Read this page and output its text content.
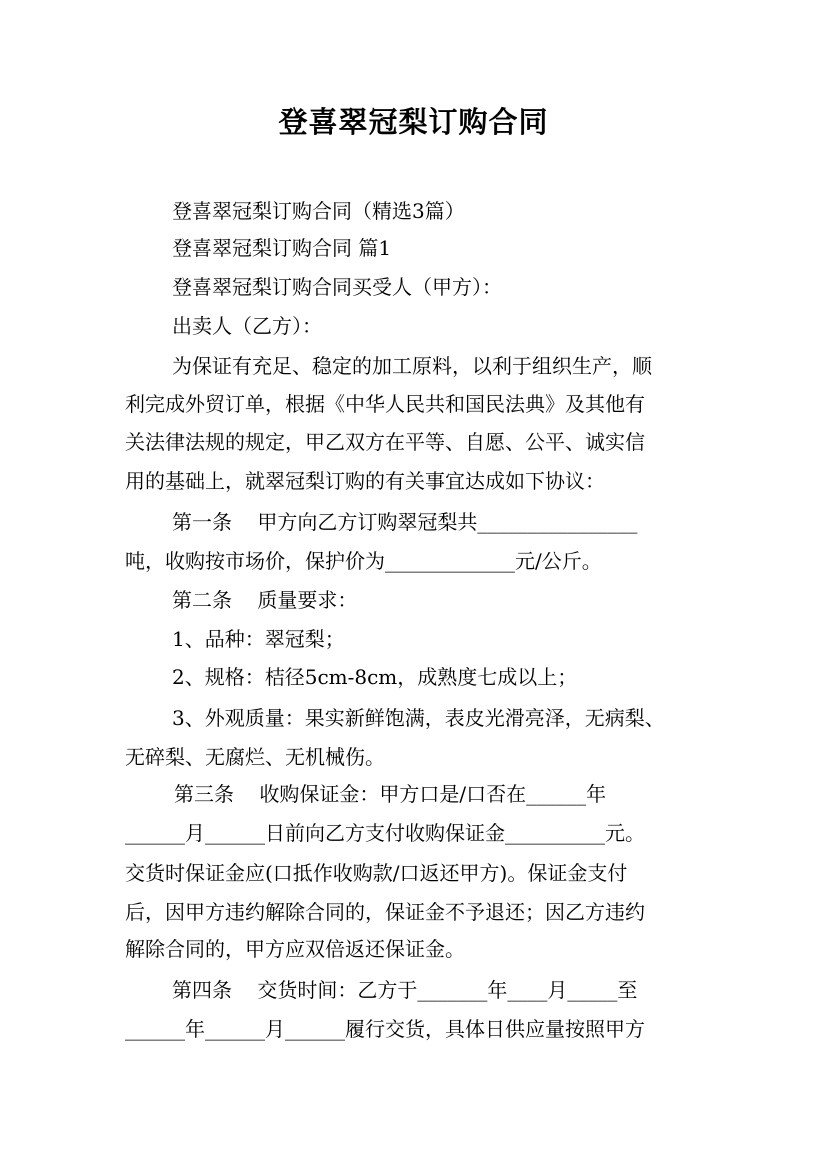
登喜翠冠梨订购合同
登喜翠冠梨订购合同（精选3篇）
登喜翠冠梨订购合同 篇1
登喜翠冠梨订购合同买受人（甲方）：
出卖人（乙方）：
为保证有充足、稳定的加工原料，以利于组织生产，顺
利完成外贸订单，根据《中华人民共和国民法典》及其他有
关法律法规的规定，甲乙双方在平等、自愿、公平、诚实信
用的基础上，就翠冠梨订购的有关事宜达成如下协议：
第一条    甲方向乙方订购翠冠梨共________________
吨，收购按市场价，保护价为_____________元/公斤。
第二条    质量要求：
1、品种：翠冠梨；
2、规格：桔径5cm-8cm，成熟度七成以上；
3、外观质量：果实新鲜饱满，表皮光滑亮泽，无病梨、
无碎梨、无腐烂、无机械伤。
第三条    收购保证金：甲方口是/口否在______年
______月______日前向乙方支付收购保证金__________元。
交货时保证金应(口抵作收购款/口返还甲方)。保证金支付
后，因甲方违约解除合同的，保证金不予退还；因乙方违约
解除合同的，甲方应双倍返还保证金。
第四条    交货时间：乙方于_______年____月_____至
______年______月______履行交货，具体日供应量按照甲方
